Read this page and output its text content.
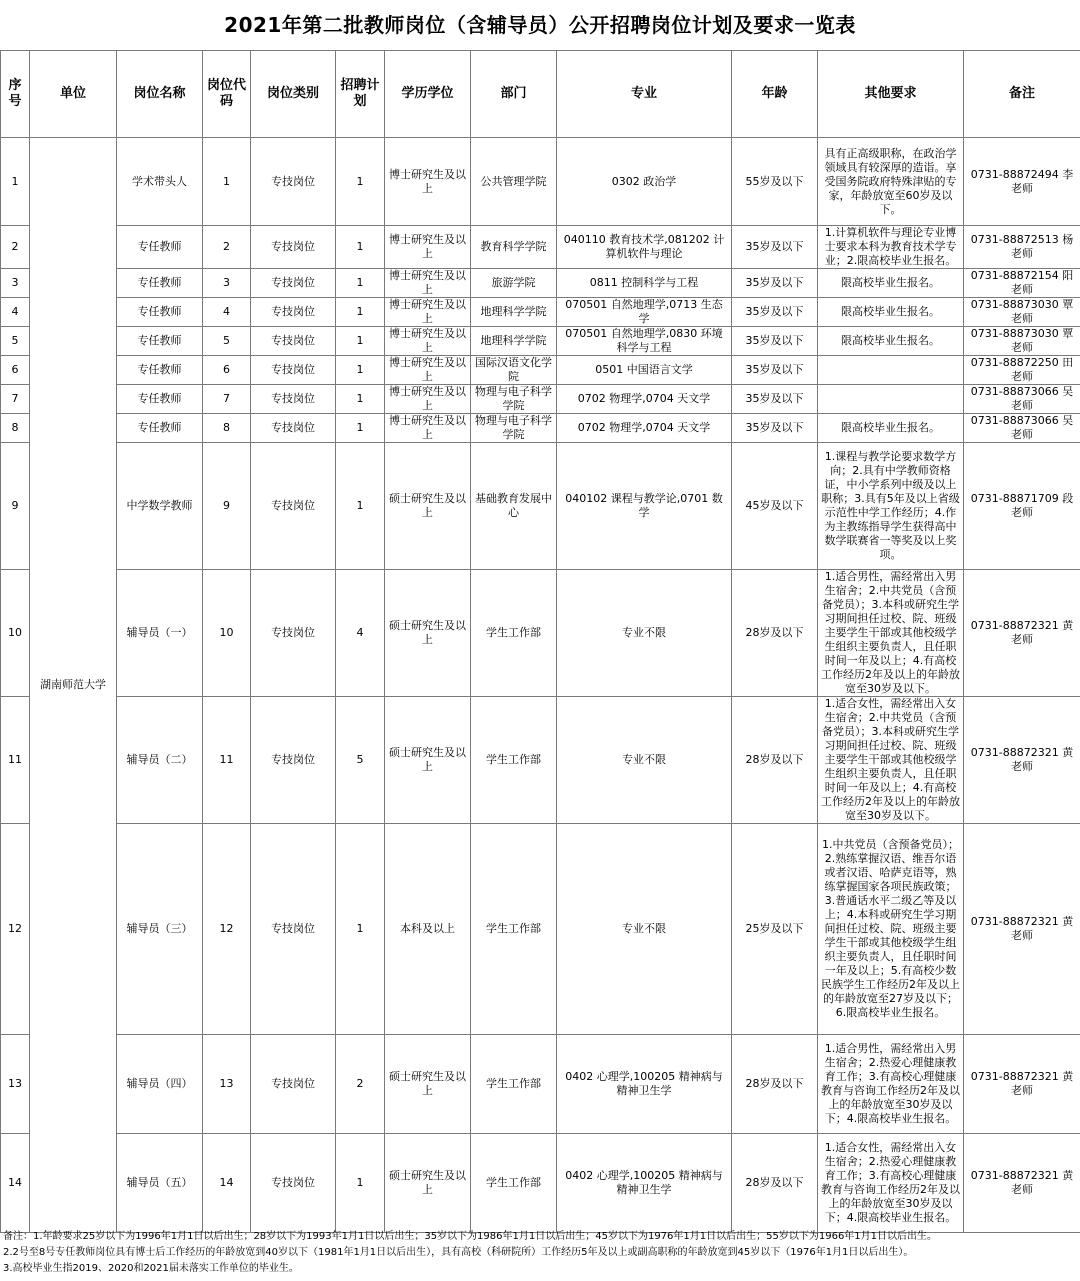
2021年第二批教师岗位（含辅导员）公开招聘岗位计划及要求一览表
序号	单位	岗位名称	岗位代码	岗位类别	招聘计划	学历学位	部门	专业	年龄	其他要求	备注
1	湖南师范大学	学术带头人	1	专技岗位	1	博士研究生及以上	公共管理学院	0302 政治学	55岁及以下	具有正高级职称，在政治学领域具有较深厚的造诣。享受国务院政府特殊津贴的专家，年龄放宽至60岁及以下。	0731-88872494 李老师
2		专任教师	2	专技岗位	1	博士研究生及以上	教育科学学院	040110 教育技术学,081202 计算机软件与理论	35岁及以下	1.计算机软件与理论专业博士要求本科为教育技术学专业；2.限高校毕业生报名。	0731-88872513 杨老师
3		专任教师	3	专技岗位	1	博士研究生及以上	旅游学院	0811 控制科学与工程	35岁及以下	限高校毕业生报名。	0731-88872154 阳老师
4		专任教师	4	专技岗位	1	博士研究生及以上	地理科学学院	070501 自然地理学,0713 生态学	35岁及以下	限高校毕业生报名。	0731-88873030 覃老师
5		专任教师	5	专技岗位	1	博士研究生及以上	地理科学学院	070501 自然地理学,0830 环境科学与工程	35岁及以下	限高校毕业生报名。	0731-88873030 覃老师
6		专任教师	6	专技岗位	1	博士研究生及以上	国际汉语文化学院	0501 中国语言文学	35岁及以下		0731-88872250 田老师
7		专任教师	7	专技岗位	1	博士研究生及以上	物理与电子科学学院	0702 物理学,0704 天文学	35岁及以下		0731-88873066 吴老师
8		专任教师	8	专技岗位	1	博士研究生及以上	物理与电子科学学院	0702 物理学,0704 天文学	35岁及以下	限高校毕业生报名。	0731-88873066 吴老师
9		中学数学教师	9	专技岗位	1	硕士研究生及以上	基础教育发展中心	040102 课程与教学论,0701 数学	45岁及以下	1.课程与教学论要求数学方向；2.具有中学教师资格证，中小学系列中级及以上职称；3.具有5年及以上省级示范性中学工作经历；4.作为主教练指导学生获得高中数学联赛省一等奖及以上奖项。	0731-88871709 段老师
10		辅导员（一）	10	专技岗位	4	硕士研究生及以上	学生工作部	专业不限	28岁及以下	1.适合男性，需经常出入男生宿舍；2.中共党员（含预备党员）；3.本科或研究生学习期间担任过校、院、班级主要学生干部或其他校级学生组织主要负责人，且任职时间一年及以上；4.有高校工作经历2年及以上的年龄放宽至30岁及以下。	0731-88872321 黄老师
11		辅导员（二）	11	专技岗位	5	硕士研究生及以上	学生工作部	专业不限	28岁及以下	1.适合女性，需经常出入女生宿舍；2.中共党员（含预备党员）；3.本科或研究生学习期间担任过校、院、班级主要学生干部或其他校级学生组织主要负责人，且任职时间一年及以上；4.有高校工作经历2年及以上的年龄放宽至30岁及以下。	0731-88872321 黄老师
12		辅导员（三）	12	专技岗位	1	本科及以上	学生工作部	专业不限	25岁及以下	1.中共党员（含预备党员）；2.熟练掌握汉语、维吾尔语或者汉语、哈萨克语等，熟练掌握国家各项民族政策；3.普通话水平二级乙等及以上；4.本科或研究生学习期间担任过校、院、班级主要学生干部或其他校级学生组织主要负责人，且任职时间一年及以上；5.有高校少数民族学生工作经历2年及以上的年龄放宽至27岁及以下；6.限高校毕业生报名。	0731-88872321 黄老师
13		辅导员（四）	13	专技岗位	2	硕士研究生及以上	学生工作部	0402 心理学,100205 精神病与精神卫生学	28岁及以下	1.适合男性，需经常出入男生宿舍；2.热爱心理健康教育工作；3.有高校心理健康教育与咨询工作经历2年及以上的年龄放宽至30岁及以下；4.限高校毕业生报名。	0731-88872321 黄老师
14		辅导员（五）	14	专技岗位	1	硕士研究生及以上	学生工作部	0402 心理学,100205 精神病与精神卫生学	28岁及以下	1.适合女性，需经常出入女生宿舍；2.热爱心理健康教育工作；3.有高校心理健康教育与咨询工作经历2年及以上的年龄放宽至30岁及以下；4.限高校毕业生报名。	0731-88872321 黄老师
备注：1.年龄要求25岁以下为1996年1月1日以后出生；28岁以下为1993年1月1日以后出生；35岁以下为1986年1月1日以后出生；45岁以下为1976年1月1日以后出生；55岁以下为1966年1月1日以后出生。
2.2号至8号专任教师岗位具有博士后工作经历的年龄放宽到40岁以下（1981年1月1日以后出生），具有高校（科研院所）工作经历5年及以上或副高职称的年龄放宽到45岁以下（1976年1月1日以后出生）。
3.高校毕业生指2019、2020和2021届未落实工作单位的毕业生。
